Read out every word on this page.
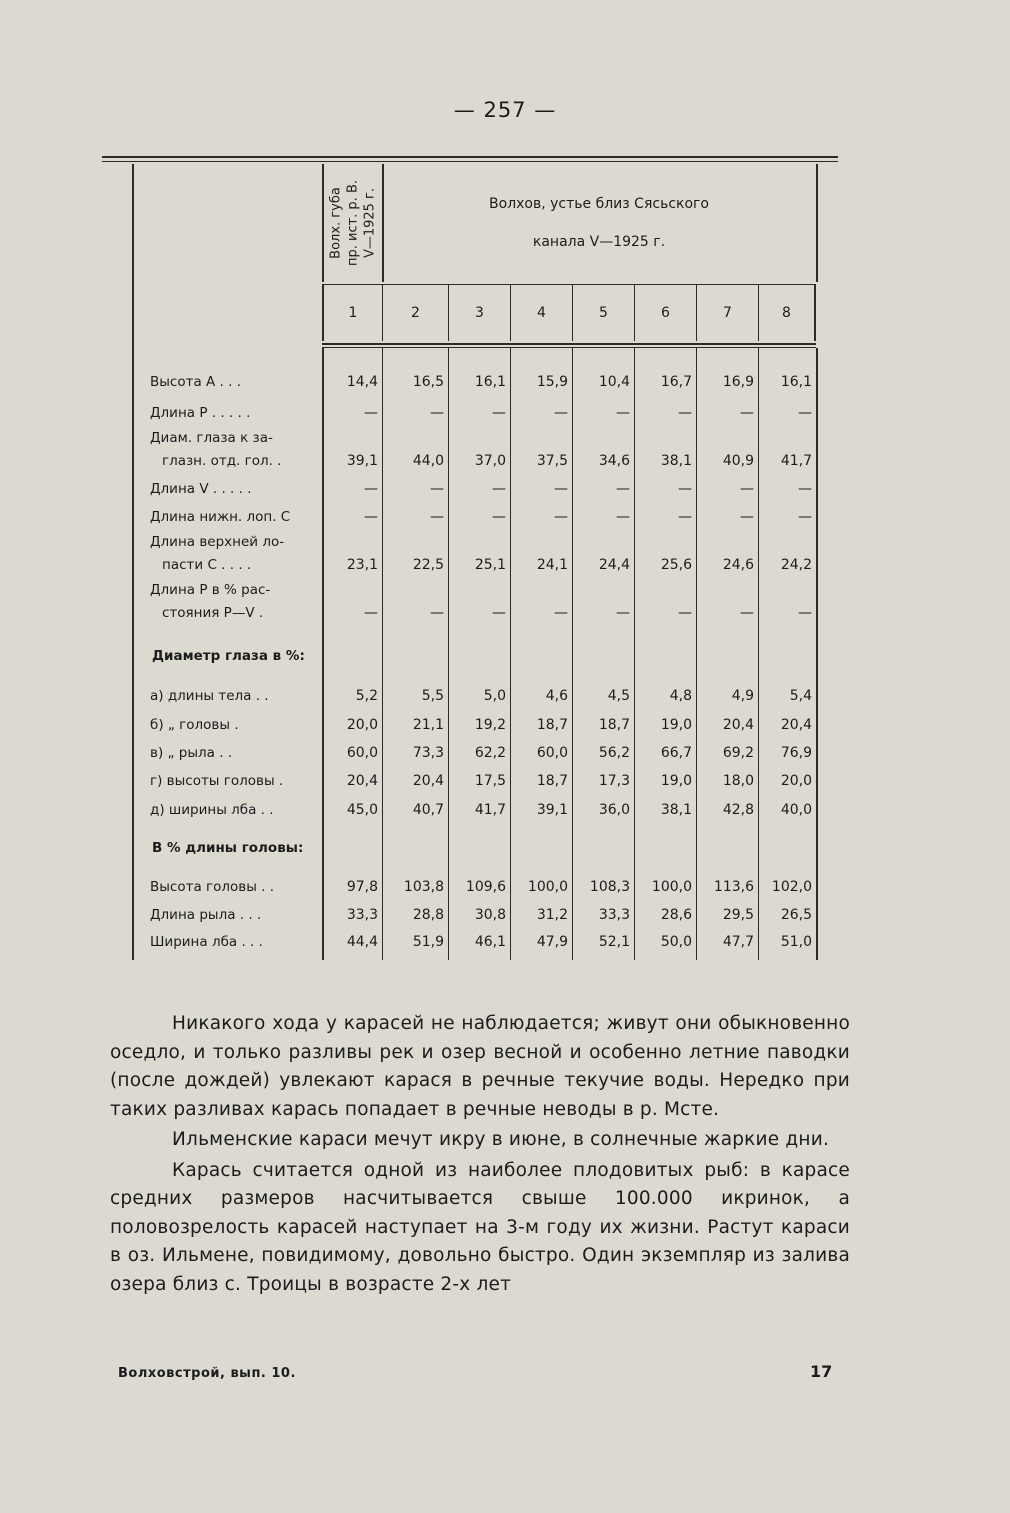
— 257 —
Волх. губа пр. ист. р. В. V—1925 г.	Волхов, устье близ Сясьского
канала V—1925 г.
1	2	3	4	5	6	7	8
Высота А . . .	14,4	16,5	16,1	15,9	10,4	16,7	16,9	16,1
Длина Р . . . . .	—	—	—	—	—	—	—	—
Диам. глаза к за-
глазн. отд. гол. .	39,1	44,0	37,0	37,5	34,6	38,1	40,9	41,7
Длина V . . . . .	—	—	—	—	—	—	—	—
Длина нижн. лоп. С	—	—	—	—	—	—	—	—
Длина верхней ло-
пасти С . . . .	23,1	22,5	25,1	24,1	24,4	25,6	24,6	24,2
Длина Р в % рас-
стояния Р—V .	—	—	—	—	—	—	—	—
Диаметр глаза в %:
а) длины тела . .	5,2	5,5	5,0	4,6	4,5	4,8	4,9	5,4
б) „ головы .	20,0	21,1	19,2	18,7	18,7	19,0	20,4	20,4
в) „ рыла . .	60,0	73,3	62,2	60,0	56,2	66,7	69,2	76,9
г) высоты головы .	20,4	20,4	17,5	18,7	17,3	19,0	18,0	20,0
д) ширины лба . .	45,0	40,7	41,7	39,1	36,0	38,1	42,8	40,0
В % длины головы:
Высота головы . .	97,8	103,8	109,6	100,0	108,3	100,0	113,6	102,0
Длина рыла . . .	33,3	28,8	30,8	31,2	33,3	28,6	29,5	26,5
Ширина лба . . .	44,4	51,9	46,1	47,9	52,1	50,0	47,7	51,0

Никакого хода у карасей не наблюдается; живут они обыкновенно оседло, и только разливы рек и озер весной и особенно летние паводки (после дождей) увлекают карася в речные текучие воды. Нередко при таких разливах карась попадает в речные неводы в р. Мсте.

Ильменские караси мечут икру в июне, в солнечные жаркие дни.

Карась считается одной из наиболее плодовитых рыб: в карасе средних размеров насчитывается свыше 100.000 икринок, а половозрелость карасей наступает на 3-м году их жизни. Растут караси в оз. Ильмене, повидимому, довольно быстро. Один экземпляр из залива озера близ с. Троицы в возрасте 2-х лет

Волховстрой, вып. 10.	17
